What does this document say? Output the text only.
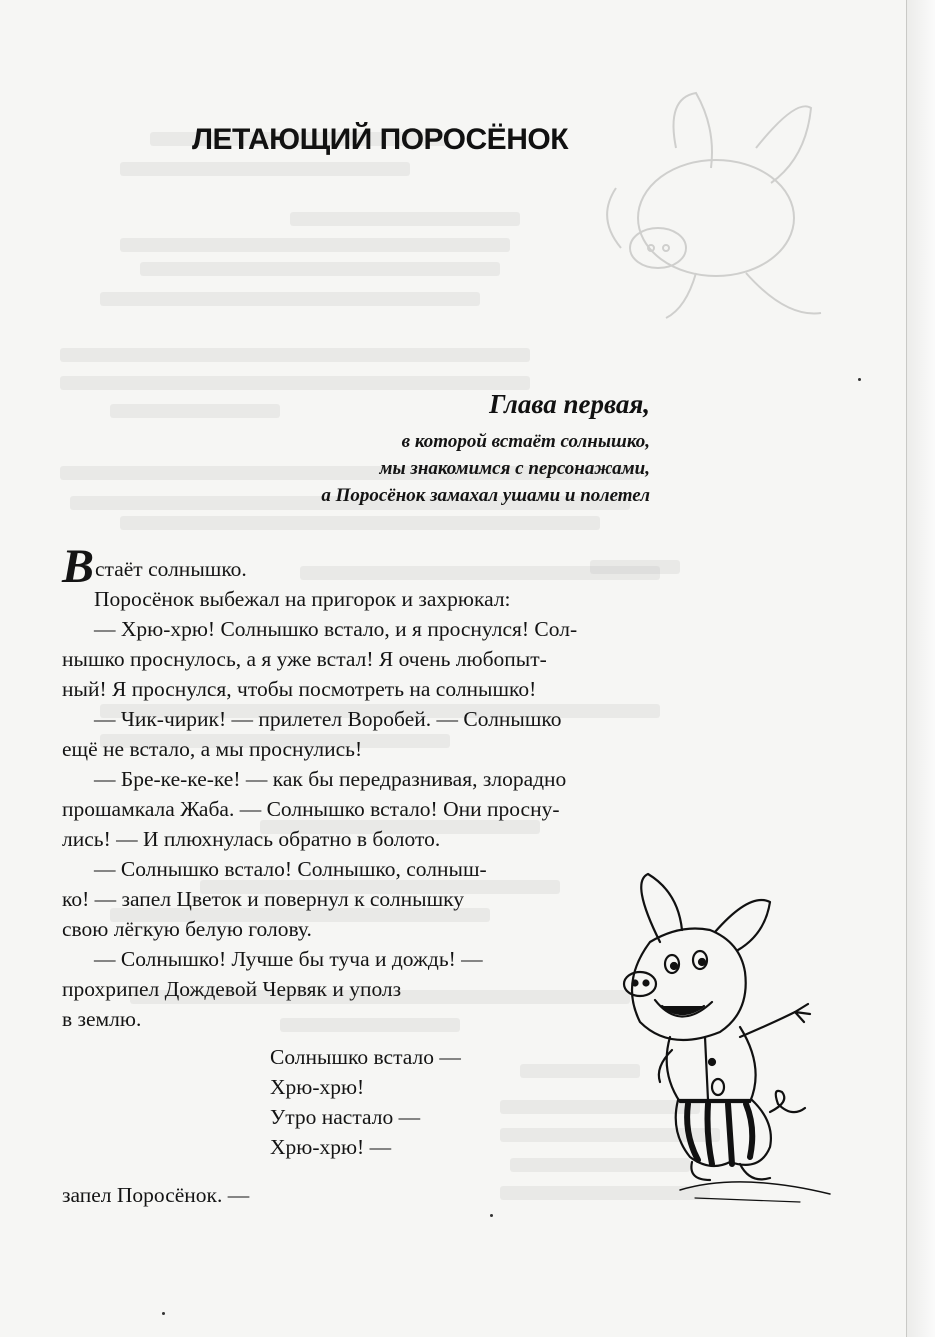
ЛЕТАЮЩИЙ ПОРОСЁНОК
Глава первая,
в которой встаёт солнышко,
мы знакомимся с персонажами,
а Поросёнок замахал ушами и полетел
Встаёт солнышко.
Поросёнок выбежал на пригорок и захрюкал:
— Хрю-хрю! Солнышко встало, и я проснулся! Сол-
нышко проснулось, а я уже встал! Я очень любопыт-
ный! Я проснулся, чтобы посмотреть на солнышко!
— Чик-чирик! — прилетел Воробей. — Солнышко
ещё не встало, а мы проснулись!
— Бре-ке-ке-ке! — как бы передразнивая, злорадно
прошамкала Жаба. — Солнышко встало! Они просну-
лись! — И плюхнулась обратно в болото.
— Солнышко встало! Солнышко, солныш-
ко! — запел Цветок и повернул к солнышку
свою лёгкую белую голову.
— Солнышко! Лучше бы туча и дождь! —
прохрипел Дождевой Червяк и уполз
в землю.
Солнышко встало —
Хрю-хрю!
Утро настало —
Хрю-хрю! —
запел Поросёнок. —
